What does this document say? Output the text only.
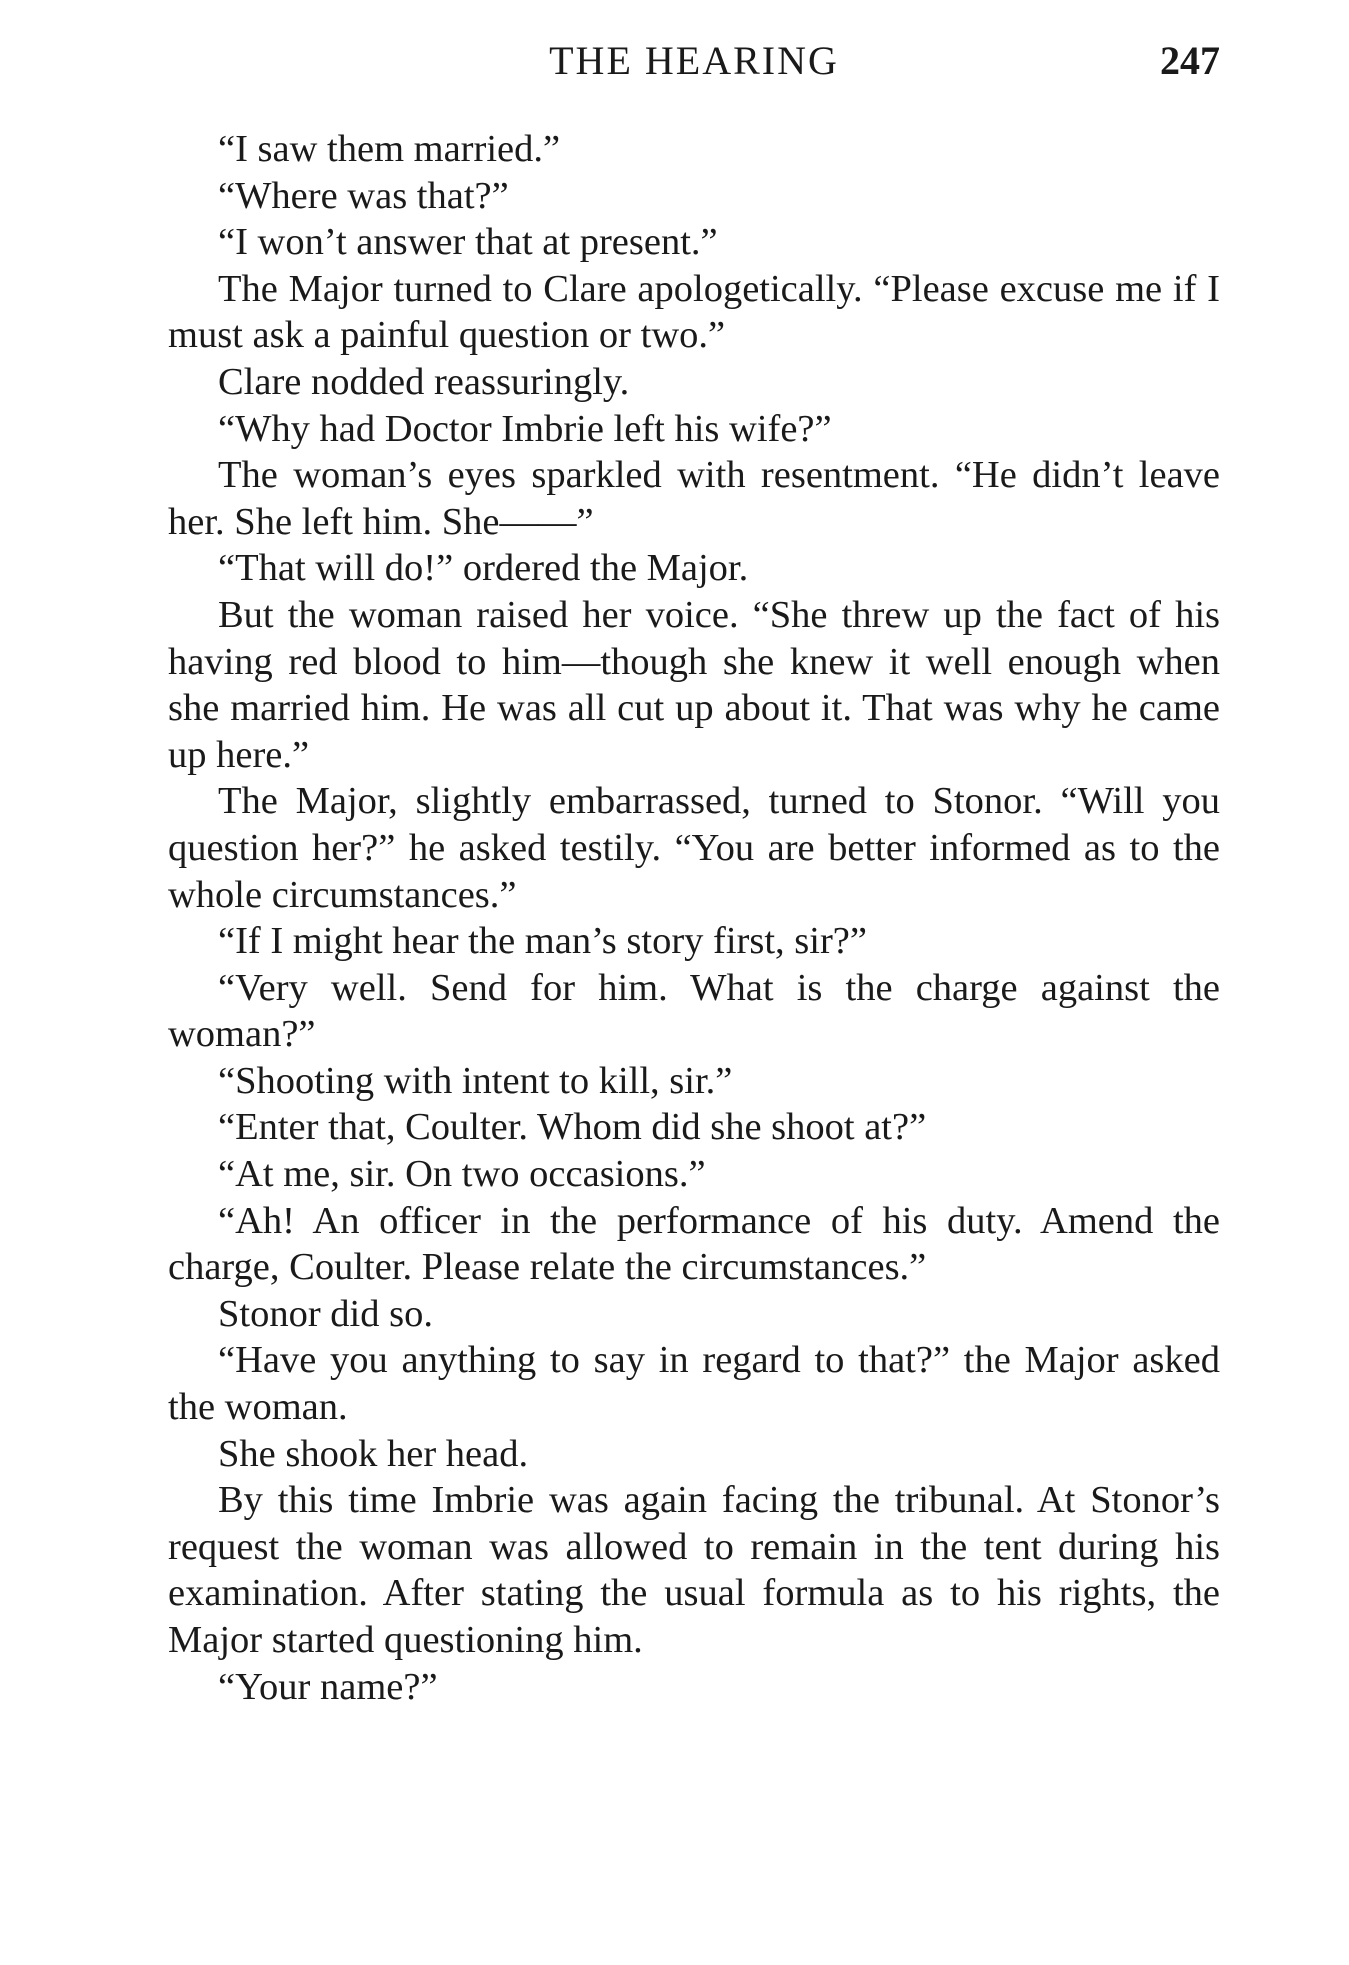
THE HEARING	247

“I saw them married.”

“Where was that?”

“I won’t answer that at present.”

The Major turned to Clare apologetically. “Please excuse me if I must ask a painful question or two.”

Clare nodded reassuringly.

“Why had Doctor Imbrie left his wife?”

The woman’s eyes sparkled with resentment. “He didn’t leave her. She left him. She——”

“That will do!” ordered the Major.

But the woman raised her voice. “She threw up the fact of his having red blood to him—though she knew it well enough when she married him. He was all cut up about it. That was why he came up here.”

The Major, slightly embarrassed, turned to Stonor. “Will you question her?” he asked testily. “You are better informed as to the whole circumstances.”

“If I might hear the man’s story first, sir?”

“Very well. Send for him. What is the charge against the woman?”

“Shooting with intent to kill, sir.”

“Enter that, Coulter. Whom did she shoot at?”

“At me, sir. On two occasions.”

“Ah! An officer in the performance of his duty. Amend the charge, Coulter. Please relate the circumstances.”

Stonor did so.

“Have you anything to say in regard to that?” the Major asked the woman.

She shook her head.

By this time Imbrie was again facing the tribunal. At Stonor’s request the woman was allowed to remain in the tent during his examination. After stating the usual formula as to his rights, the Major started questioning him.

“Your name?”
